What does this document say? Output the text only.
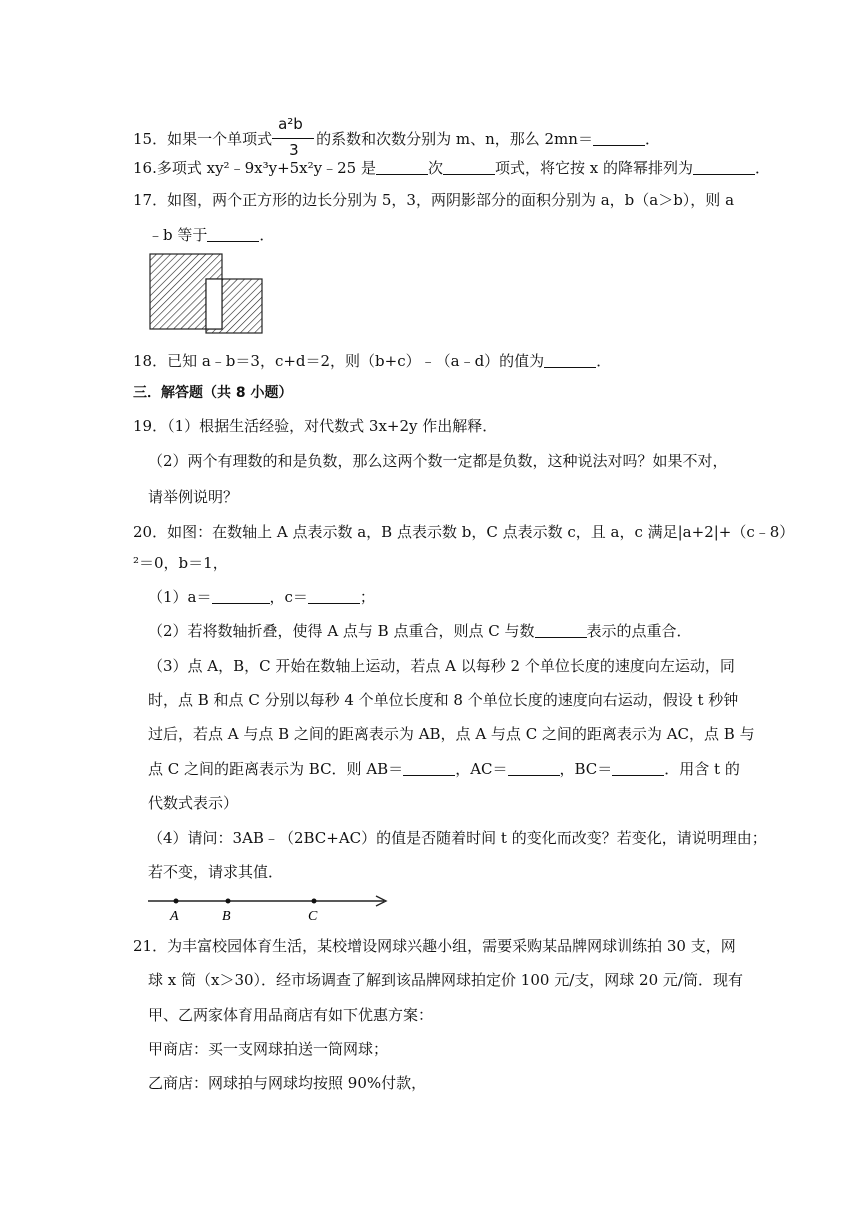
15．如果一个单项式 $\frac{\text{a²b}}{3}$ 的系数和次数分别为 m、n，那么 2mn＝	．
16.多项式 xy²﹣9x³y+5x²y﹣25 是	次	项式，将它按 x 的降幂排列为	．
17．如图，两个正方形的边长分别为 5，3，两阴影部分的面积分别为 a，b（a＞b），则 a
﹣b 等于	．
18．已知 a﹣b＝3，c+d＝2，则（b+c）﹣（a﹣d）的值为	．
三．解答题（共 8 小题）
19．（1）根据生活经验，对代数式 3x+2y 作出解释．
（2）两个有理数的和是负数，那么这两个数一定都是负数，这种说法对吗？如果不对，
请举例说明？
20．如图：在数轴上 A 点表示数 a，B 点表示数 b，C 点表示数 c，且 a，c 满足|a+2|+（c﹣8）
²＝0，b＝1，
（1）a＝	，c＝	；
（2）若将数轴折叠，使得 A 点与 B 点重合，则点 C 与数	表示的点重合．
（3）点 A，B，C 开始在数轴上运动，若点 A 以每秒 2 个单位长度的速度向左运动，同
时，点 B 和点 C 分别以每秒 4 个单位长度和 8 个单位长度的速度向右运动，假设 t 秒钟
过后，若点 A 与点 B 之间的距离表示为 AB，点 A 与点 C 之间的距离表示为 AC，点 B 与
点 C 之间的距离表示为 BC．则 AB＝	，AC＝	，BC＝	．用含 t 的
代数式表示）
（4）请问：3AB﹣（2BC+AC）的值是否随着时间 t 的变化而改变？若变化，请说明理由；
若不变，请求其值．
A	B	C
21．为丰富校园体育生活，某校增设网球兴趣小组，需要采购某品牌网球训练拍 30 支，网
球 x 筒（x＞30）．经市场调查了解到该品牌网球拍定价 100 元/支，网球 20 元/筒．现有
甲、乙两家体育用品商店有如下优惠方案：
甲商店：买一支网球拍送一筒网球；
乙商店：网球拍与网球均按照 90%付款，
